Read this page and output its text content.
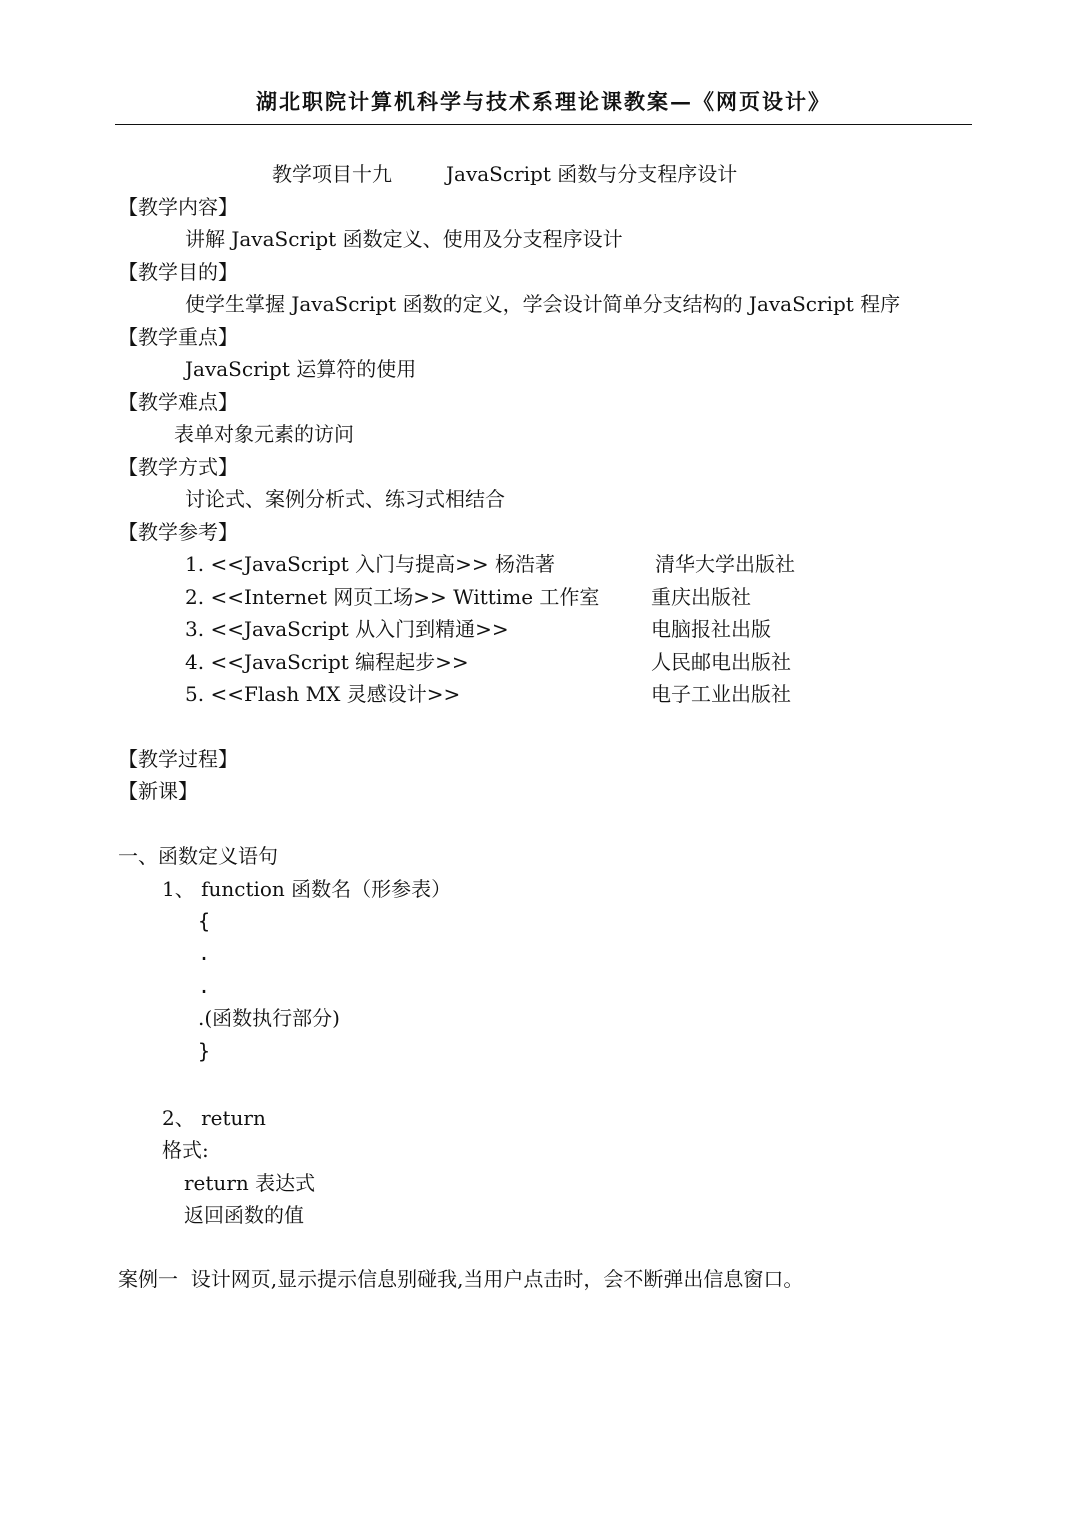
湖北职院计算机科学与技术系理论课教案—《网页设计》
教学项目十九	JavaScript 函数与分支程序设计
【教学内容】
讲解 JavaScript 函数定义、使用及分支程序设计
【教学目的】
使学生掌握 JavaScript 函数的定义，学会设计简单分支结构的 JavaScript 程序
【教学重点】
JavaScript 运算符的使用
【教学难点】
表单对象元素的访问
【教学方式】
讨论式、案例分析式、练习式相结合
【教学参考】
1. <<JavaScript 入门与提高>> 杨浩著	清华大学出版社
2. <<Internet 网页工场>> Wittime 工作室	重庆出版社
3. <<JavaScript 从入门到精通>>	电脑报社出版
4. <<JavaScript 编程起步>>	人民邮电出版社
5. <<Flash MX 灵感设计>>	电子工业出版社
【教学过程】
【新课】
一、函数定义语句
1、 function 函数名（形参表）
{
.
.
.(函数执行部分)
}
2、 return
格式:
return 表达式
返回函数的值
案例一  设计网页,显示提示信息别碰我,当用户点击时，会不断弹出信息窗口。
